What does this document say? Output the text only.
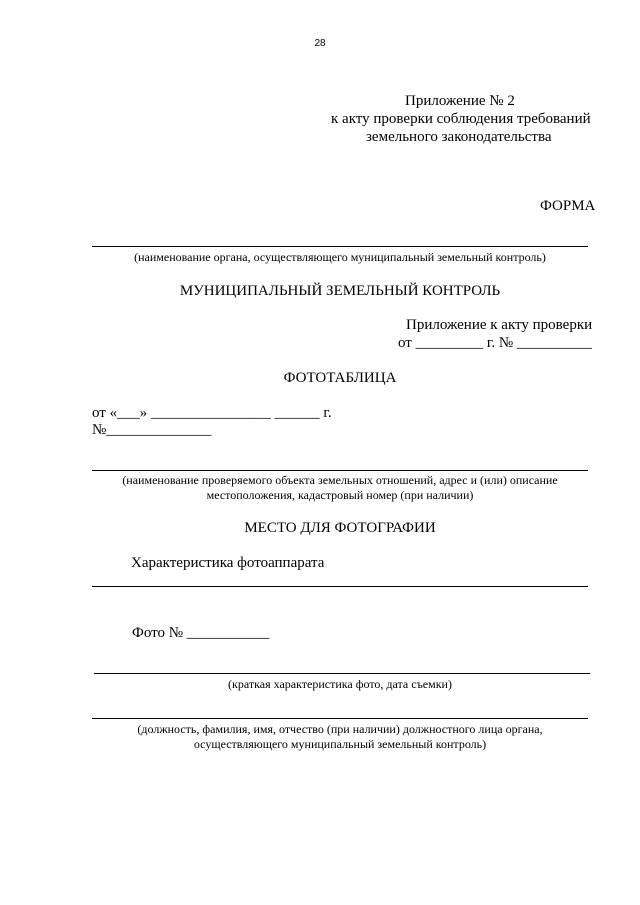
28
Приложение № 2
к акту проверки соблюдения требований
земельного законодательства
ФОРМА
(наименование органа, осуществляющего муниципальный земельный контроль)
МУНИЦИПАЛЬНЫЙ ЗЕМЕЛЬНЫЙ КОНТРОЛЬ
Приложение к акту проверки
от _________ г. № __________
ФОТОТАБЛИЦА
от «___» ________________ ______ г.
№______________
(наименование проверяемого объекта земельных отношений, адрес и (или) описание
местоположения, кадастровый номер (при наличии)
МЕСТО ДЛЯ ФОТОГРАФИИ
Характеристика фотоаппарата
Фото № ___________
(краткая характеристика фото, дата съемки)
(должность, фамилия, имя, отчество (при наличии) должностного лица органа,
осуществляющего муниципальный земельный контроль)
